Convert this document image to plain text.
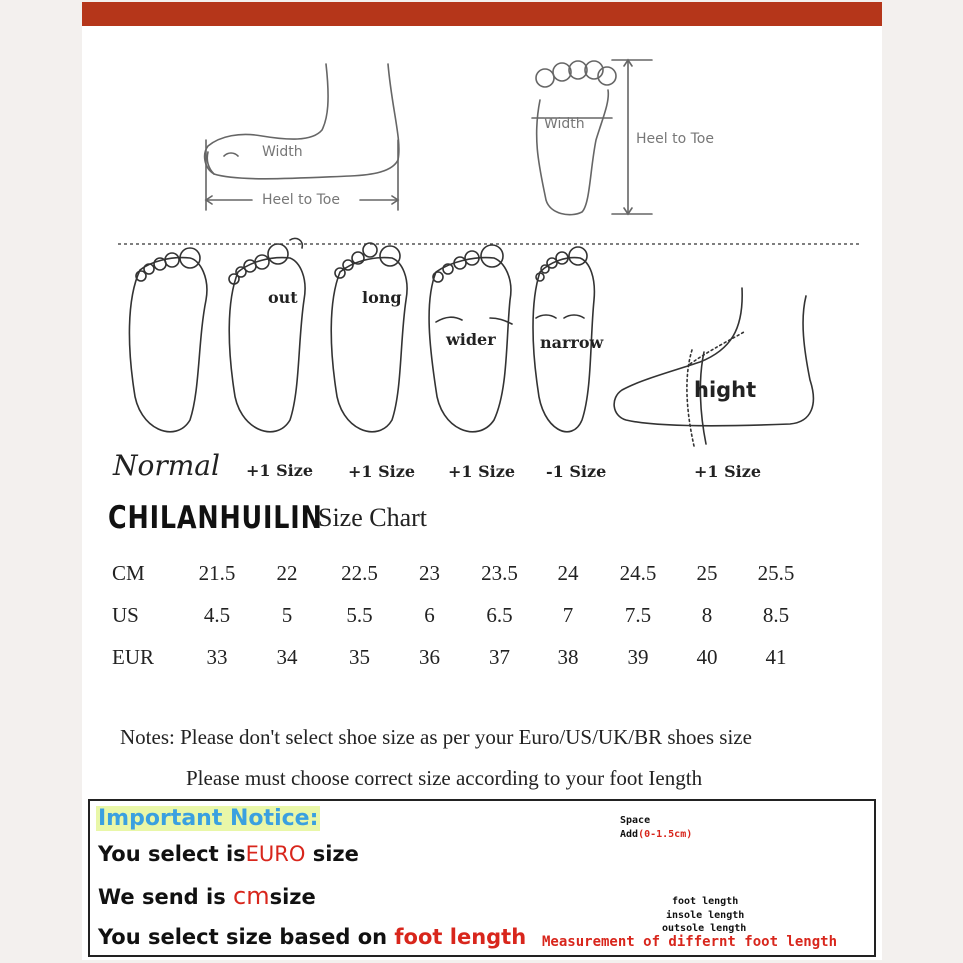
Width
Heel to Toe
Width
Heel to Toe
out	long
wider	narrow
hight
Normal +1 Size +1 Size +1 Size -1 Size	+1 Size
CHILANHUILIN
Size Chart
CM	21.5	22	22.5	23	23.5	24	24.5	25	25.5
US	4.5	5	5.5	6	6.5	7	7.5	8	8.5
EUR	33	34	35	36	37	38	39	40	41
Notes: Please don't select shoe size as per your Euro/US/UK/BR shoes size
Please must choose correct size according to your foot Iength
Important Notice:
You select isEURO size
We send is cmsize
You select size based on foot length
Space
Add(0-1.5cm)
foot length
insole length
outsole length
Measurement of differnt foot length
